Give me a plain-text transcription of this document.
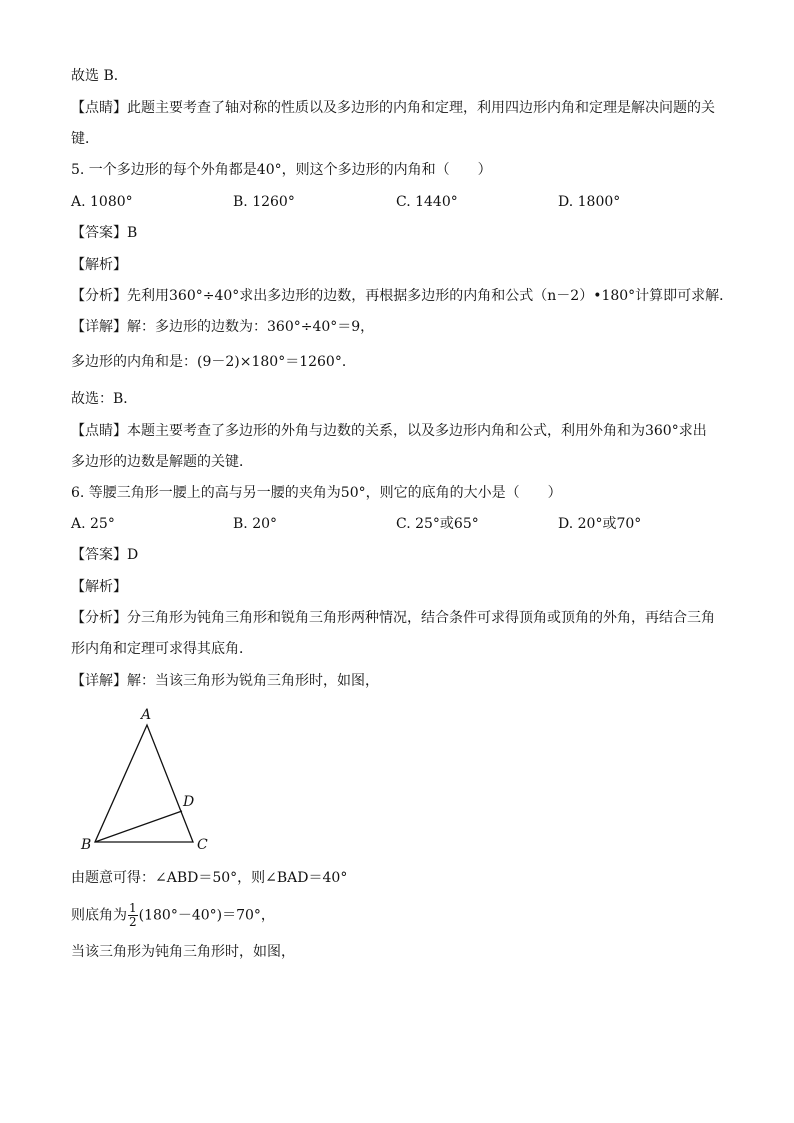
故选 B．
【点睛】此题主要考查了轴对称的性质以及多边形的内角和定理，利用四边形内角和定理是解决问题的关
键．
5. 一个多边形的每个外角都是40°，则这个多边形的内角和（　　）
A. 1080°	B. 1260°	C. 1440°	D. 1800°
【答案】B
【解析】
【分析】先利用360°÷40°求出多边形的边数，再根据多边形的内角和公式（n－2）•180°计算即可求解．
【详解】解：多边形的边数为：360°÷40°＝9，
多边形的内角和是：(9－2)×180°＝1260°．
故选：B．
【点睛】本题主要考查了多边形的外角与边数的关系，以及多边形内角和公式，利用外角和为360°求出
多边形的边数是解题的关键．
6. 等腰三角形一腰上的高与另一腰的夹角为50°，则它的底角的大小是（　　）
A. 25°	B. 20°	C. 25°或65°	D. 20°或70°
【答案】D
【解析】
【分析】分三角形为钝角三角形和锐角三角形两种情况，结合条件可求得顶角或顶角的外角，再结合三角
形内角和定理可求得其底角．
【详解】解：当该三角形为锐角三角形时，如图，
A
B	C
D
由题意可得：∠ABD＝50°，则∠BAD＝40°
则底角为 $\frac{1}{2} (180^\circ-40^\circ)=70^\circ$，
当该三角形为钝角三角形时，如图，
